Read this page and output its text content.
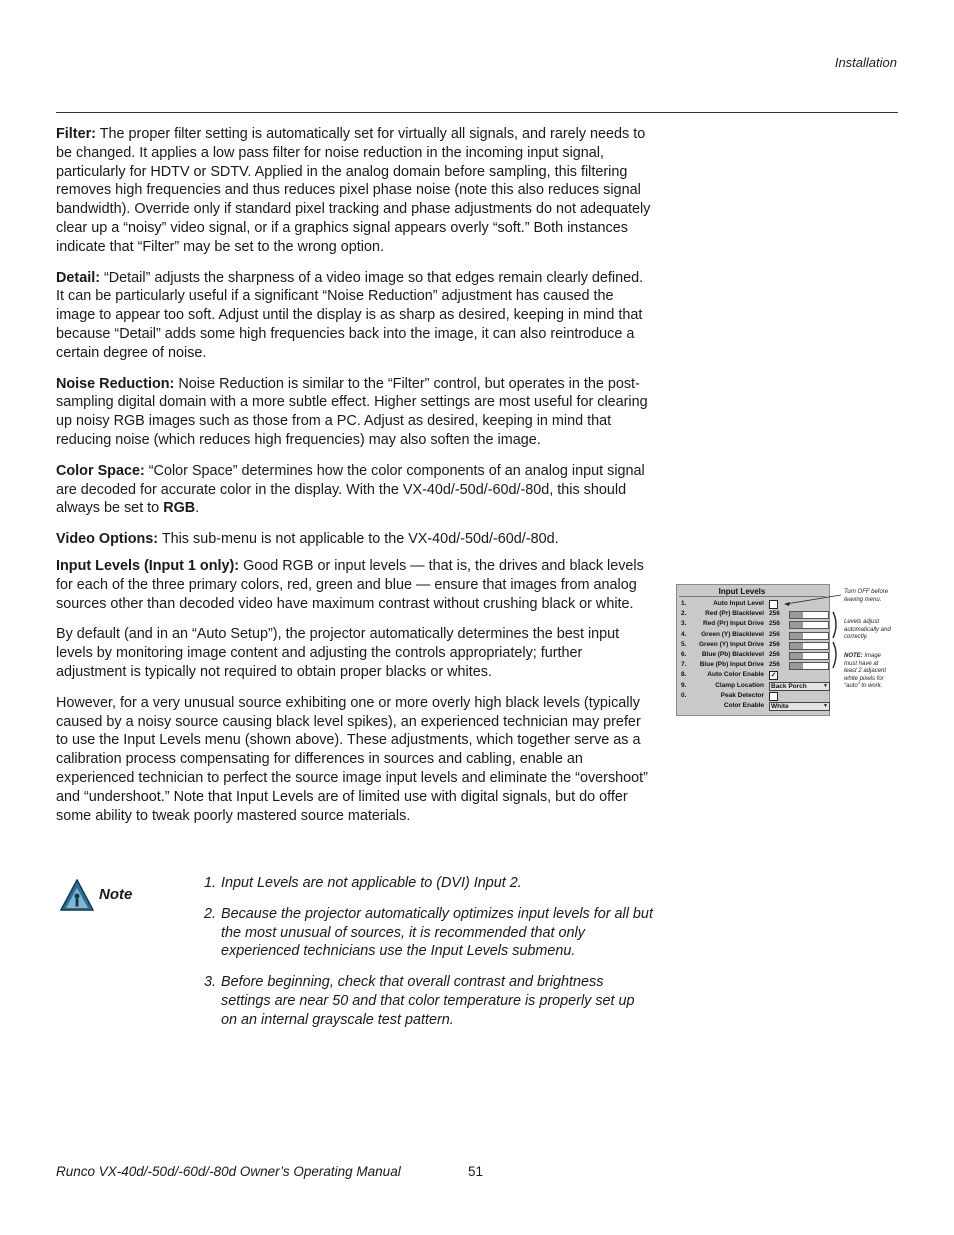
Installation

Filter: The proper filter setting is automatically set for virtually all signals, and rarely needs to be changed. It applies a low pass filter for noise reduction in the incoming input signal, particularly for HDTV or SDTV. Applied in the analog domain before sampling, this filtering removes high frequencies and thus reduces pixel phase noise (note this also reduces signal bandwidth). Override only if standard pixel tracking and phase adjustments do not adequately clear up a “noisy” video signal, or if a graphics signal appears overly “soft.” Both instances indicate that “Filter” may be set to the wrong option.

Detail: “Detail” adjusts the sharpness of a video image so that edges remain clearly defined. It can be particularly useful if a significant “Noise Reduction” adjustment has caused the image to appear too soft. Adjust until the display is as sharp as desired, keeping in mind that because “Detail” adds some high frequencies back into the image, it can also reintroduce a certain degree of noise.

Noise Reduction: Noise Reduction is similar to the “Filter” control, but operates in the post-sampling digital domain with a more subtle effect. Higher settings are most useful for clearing up noisy RGB images such as those from a PC. Adjust as desired, keeping in mind that reducing noise (which reduces high frequencies) may also soften the image.

Color Space: “Color Space” determines how the color components of an analog input signal are decoded for accurate color in the display. With the VX-40d/-50d/-60d/-80d, this should always be set to RGB.

Video Options: This sub-menu is not applicable to the VX-40d/-50d/-60d/-80d.

Input Levels (Input 1 only): Good RGB or input levels — that is, the drives and black levels for each of the three primary colors, red, green and blue — ensure that images from analog sources other than decoded video have maximum contrast without crushing black or white.

By default (and in an “Auto Setup”), the projector automatically determines the best input levels by monitoring image content and adjusting the controls appropriately; further adjustment is typically not required to obtain proper blacks or whites.

However, for a very unusual source exhibiting one or more overly high black levels (typically caused by a noisy source causing black level spikes), an experienced technician may prefer to use the Input Levels menu (shown above). These adjustments, which together serve as a calibration process compensating for differences in sources and cabling, enable an experienced technician to perfect the source image input levels and eliminate the “overshoot” and “undershoot.” Note that Input Levels are of limited use with digital signals, but do offer some ability to tweak poorly mastered source materials.

Input Levels
1.	Auto Input Level
2.	Red (Pr) Blacklevel 256
3.	Red (Pr) Input Drive 256
4. Green (Y) Blacklevel 256
5. Green (Y) Input Drive 256
6. Blue (Pb) Blacklevel 256
7. Blue (Pb) Input Drive 256
8.	Auto Color Enable ✓
9.	Clamp Location	Back Porch	▼
0.	Peak Detector
Color Enable	White	▼
Turn OFF before leaving menu.
Levels adjust automatically and correctly.
NOTE: Image must have at least 2 adjacent white pixels for “auto” to work.
Note
1. Input Levels are not applicable to (DVI) Input 2.
2. Because the projector automatically optimizes input levels for all but the most unusual of sources, it is recommended that only experienced technicians use the Input Levels submenu.
3. Before beginning, check that overall contrast and brightness settings are near 50 and that color temperature is properly set up on an internal grayscale test pattern.
Runco VX-40d/-50d/-60d/-80d Owner’s Operating Manual	51
